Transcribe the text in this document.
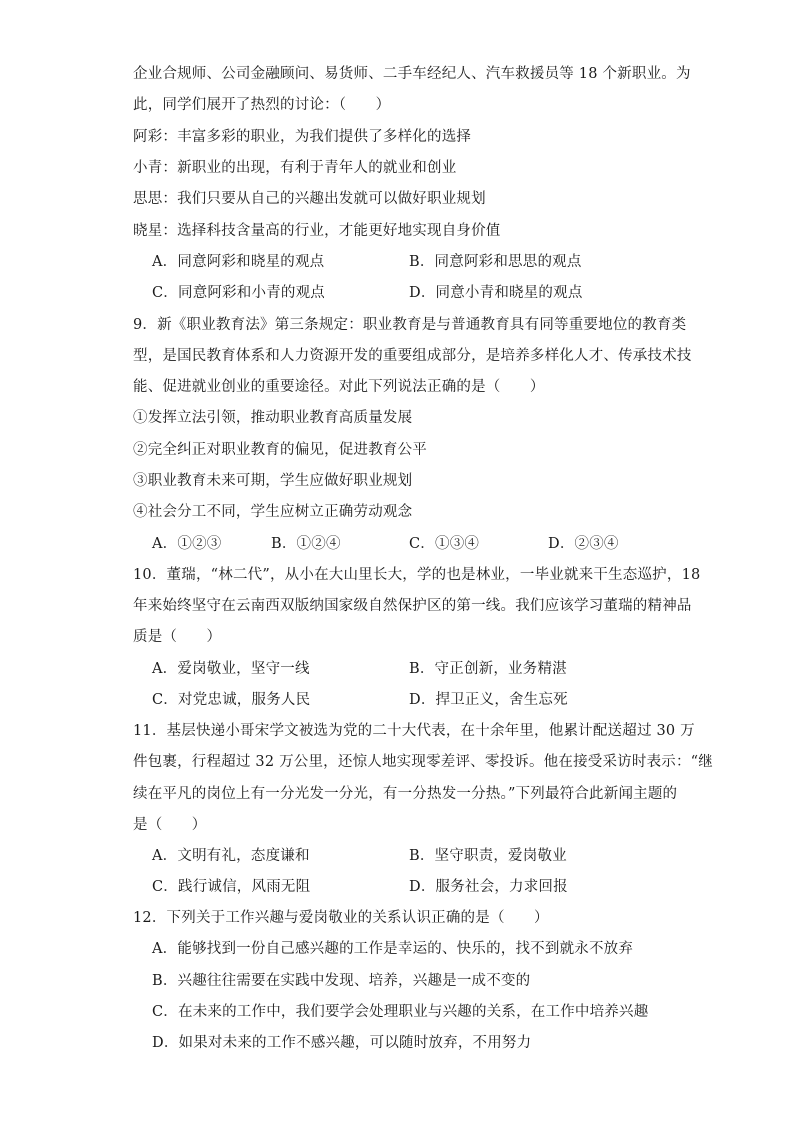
企业合规师、公司金融顾问、易货师、二手车经纪人、汽车救援员等 18 个新职业。为
此，同学们展开了热烈的讨论：（　　）
阿彩：丰富多彩的职业，为我们提供了多样化的选择
小青：新职业的出现，有利于青年人的就业和创业
思思：我们只要从自己的兴趣出发就可以做好职业规划
晓星：选择科技含量高的行业，才能更好地实现自身价值
A．同意阿彩和晓星的观点	B．同意阿彩和思思的观点
C．同意阿彩和小青的观点	D．同意小青和晓星的观点
9．新《职业教育法》第三条规定：职业教育是与普通教育具有同等重要地位的教育类
型，是国民教育体系和人力资源开发的重要组成部分，是培养多样化人才、传承技术技
能、促进就业创业的重要途径。对此下列说法正确的是（　　）
①发挥立法引领，推动职业教育高质量发展
②完全纠正对职业教育的偏见，促进教育公平
③职业教育未来可期，学生应做好职业规划
④社会分工不同，学生应树立正确劳动观念
A．①②③	B．①②④	C．①③④	D．②③④
10．董瑞，“林二代”，从小在大山里长大，学的也是林业，一毕业就来干生态巡护，18
年来始终坚守在云南西双版纳国家级自然保护区的第一线。我们应该学习董瑞的精神品
质是（　　）
A．爱岗敬业，坚守一线	B．守正创新，业务精湛
C．对党忠诚，服务人民	D．捍卫正义，舍生忘死
11．基层快递小哥宋学文被选为党的二十大代表，在十余年里，他累计配送超过 30 万
件包裹，行程超过 32 万公里，还惊人地实现零差评、零投诉。他在接受采访时表示：“继
续在平凡的岗位上有一分光发一分光，有一分热发一分热。”下列最符合此新闻主题的
是（　　）
A．文明有礼，态度谦和	B．坚守职责，爱岗敬业
C．践行诚信，风雨无阻	D．服务社会，力求回报
12．下列关于工作兴趣与爱岗敬业的关系认识正确的是（　　）
A．能够找到一份自己感兴趣的工作是幸运的、快乐的，找不到就永不放弃
B．兴趣往往需要在实践中发现、培养，兴趣是一成不变的
C．在未来的工作中，我们要学会处理职业与兴趣的关系，在工作中培养兴趣
D．如果对未来的工作不感兴趣，可以随时放弃，不用努力
